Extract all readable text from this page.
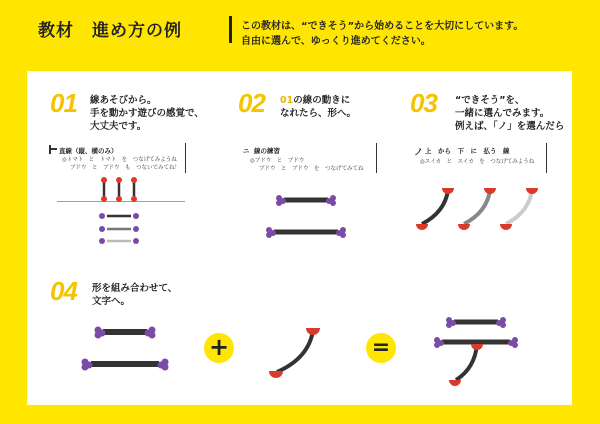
教材　進め方の例	この教材は、“できそう”から始めることを大切にしています。
自由に選んで、ゆっくり進めてください。
01 線あそびから。
手を動かす遊びの感覚で、
大丈夫です。
直線（縦、横のみ）
◎トマト　と　トマト　を　つなげてみようね
ブドウ　と　ブドウ　も　つないでみてね！
02 01の線の動きに
なれたら、形へ。
ニ 線の練習
◎ブドウ　と　ブドウ
ブドウ　と　ブドウ　を　つなげてみてね
03 “できそう”を、
一緒に選んでみます。
例えば、「ノ」を選んだら
ノ 上　から　下　に　払う　線
◎スイカ　と　スイカ　を　つなげてみようね
04 形を組み合わせて、
文字へ。
+	=
